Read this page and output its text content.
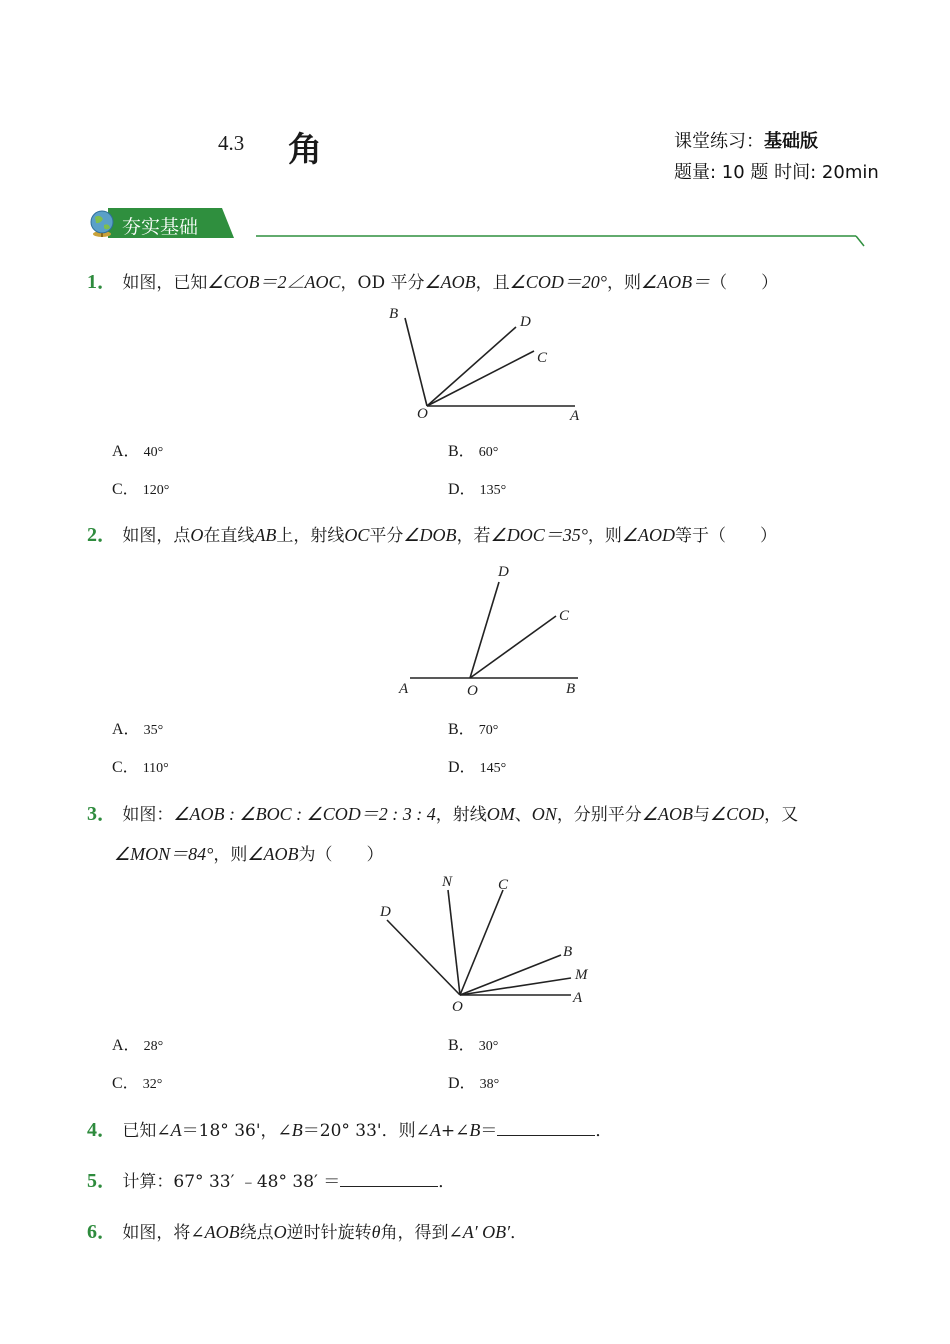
4.3 角	课堂练习：基础版
题量: 10 题 时间: 20min
夯实基础
1． 如图，已知∠COB＝2∠AOC，OD 平分∠AOB，且∠COD＝20°，则∠AOB＝（　　）
B	D
C
O	A
A． 40°	B． 60°
C． 120°	D． 135°
2． 如图，点O在直线AB上，射线OC平分∠DOB，若∠DOC＝35°，则∠AOD等于（　　）
D
C
A	O	B
A． 35°	B． 70°
C． 110°	D． 145°
3． 如图：∠AOB : ∠BOC : ∠COD＝2 : 3 : 4，射线OM、ON，分别平分∠AOB与∠COD，又
∠MON＝84°，则∠AOB为（　　）
N	C
D
B
M
O
A
A． 28°	B． 30°
C． 32°	D． 38°
4． 已知∠A＝18° 36'，∠B＝20° 33'．则∠A+∠B＝	．
5． 计算：67° 33′ ﹣48° 38′ ＝	．
6． 如图，将∠AOB绕点O逆时针旋转θ角，得到∠A′ OB′．
